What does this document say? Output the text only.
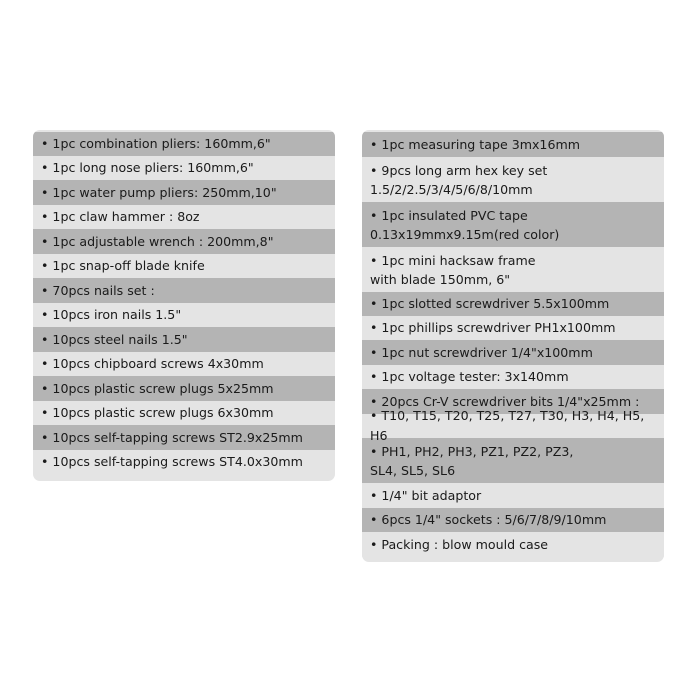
• 1pc combination pliers: 160mm,6"
• 1pc long nose pliers: 160mm,6"
• 1pc water pump pliers: 250mm,10"
• 1pc claw hammer : 8oz
• 1pc adjustable wrench : 200mm,8"
• 1pc snap-off blade knife
• 70pcs nails set :
• 10pcs iron nails 1.5"
• 10pcs steel nails 1.5"
• 10pcs chipboard screws 4x30mm
• 10pcs plastic screw plugs 5x25mm
• 10pcs plastic screw plugs 6x30mm
• 10pcs self-tapping screws ST2.9x25mm
• 10pcs self-tapping screws ST4.0x30mm
• 1pc measuring tape 3mx16mm
• 9pcs long arm hex key set
1.5/2/2.5/3/4/5/6/8/10mm
• 1pc insulated PVC tape
0.13x19mmx9.15m(red color)
• 1pc mini hacksaw frame
with blade 150mm, 6"
• 1pc slotted screwdriver 5.5x100mm
• 1pc phillips screwdriver PH1x100mm
• 1pc nut screwdriver 1/4"x100mm
• 1pc voltage tester: 3x140mm
• 20pcs Cr-V screwdriver bits 1/4"x25mm :
• T10, T15, T20, T25, T27, T30, H3, H4, H5, H6
• PH1, PH2, PH3, PZ1, PZ2, PZ3,
SL4, SL5, SL6
• 1/4" bit adaptor
• 6pcs 1/4" sockets : 5/6/7/8/9/10mm
• Packing : blow mould case
